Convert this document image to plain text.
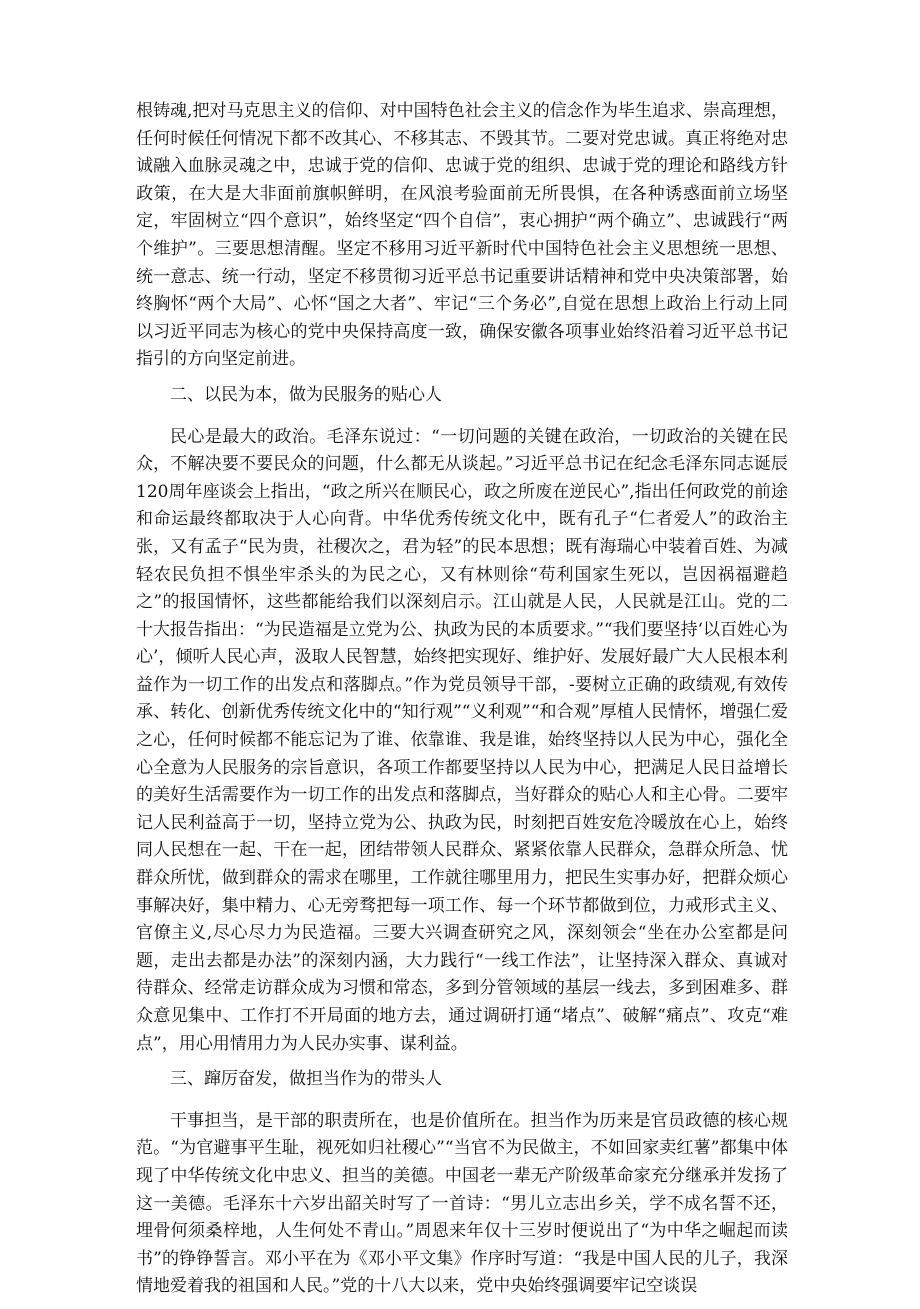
根铸魂,把对马克思主义的信仰、对中国特色社会主义的信念作为毕生追求、崇高理想，任何时候任何情况下都不改其心、不移其志、不毁其节。二要对党忠诚。真正将绝对忠诚融入血脉灵魂之中，忠诚于党的信仰、忠诚于党的组织、忠诚于党的理论和路线方针政策，在大是大非面前旗帜鲜明，在风浪考验面前无所畏惧，在各种诱惑面前立场坚定，牢固树立“四个意识”，始终坚定“四个自信”，衷心拥护“两个确立”、忠诚践行“两个维护”。三要思想清醒。坚定不移用习近平新时代中国特色社会主义思想统一思想、统一意志、统一行动，坚定不移贯彻习近平总书记重要讲话精神和党中央决策部署，始终胸怀“两个大局”、心怀“国之大者”、牢记“三个务必”,自觉在思想上政治上行动上同以习近平同志为核心的党中央保持高度一致，确保安徽各项事业始终沿着习近平总书记指引的方向坚定前进。

二、以民为本，做为民服务的贴心人

民心是最大的政治。毛泽东说过：“一切问题的关键在政治，一切政治的关键在民众，不解决要不要民众的问题，什么都无从谈起。”习近平总书记在纪念毛泽东同志诞辰120周年座谈会上指出，“政之所兴在顺民心，政之所废在逆民心”,指出任何政党的前途和命运最终都取决于人心向背。中华优秀传统文化中，既有孔子“仁者爱人”的政治主张，又有孟子“民为贵，社稷次之，君为轻”的民本思想；既有海瑞心中装着百姓、为减轻农民负担不惧坐牢杀头的为民之心，又有林则徐“苟利国家生死以，岂因祸福避趋之”的报国情怀，这些都能给我们以深刻启示。江山就是人民，人民就是江山。党的二十大报告指出：“为民造福是立党为公、执政为民的本质要求。”“我们要坚持‘以百姓心为心’，倾听人民心声，汲取人民智慧，始终把实现好、维护好、发展好最广大人民根本利益作为一切工作的出发点和落脚点。”作为党员领导干部，-要树立正确的政绩观,有效传承、转化、创新优秀传统文化中的“知行观”“义利观”“和合观”厚植人民情怀，增强仁爱之心，任何时候都不能忘记为了谁、依靠谁、我是谁，始终坚持以人民为中心，强化全心全意为人民服务的宗旨意识，各项工作都要坚持以人民为中心，把满足人民日益增长的美好生活需要作为一切工作的出发点和落脚点，当好群众的贴心人和主心骨。二要牢记人民利益高于一切，坚持立党为公、执政为民，时刻把百姓安危冷暖放在心上，始终同人民想在一起、干在一起，团结带领人民群众、紧紧依靠人民群众，急群众所急、忧群众所忧，做到群众的需求在哪里，工作就往哪里用力，把民生实事办好，把群众烦心事解决好，集中精力、心无旁骛把每一项工作、每一个环节都做到位，力戒形式主义、官僚主义,尽心尽力为民造福。三要大兴调查研究之风，深刻领会“坐在办公室都是问题，走出去都是办法”的深刻内涵，大力践行“一线工作法”，让坚持深入群众、真诚对待群众、经常走访群众成为习惯和常态，多到分管领域的基层一线去，多到困难多、群众意见集中、工作打不开局面的地方去，通过调研打通“堵点”、破解“痛点”、攻克“难点”，用心用情用力为人民办实事、谋利益。

三、蹿厉奋发，做担当作为的带头人

干事担当，是干部的职责所在，也是价值所在。担当作为历来是官员政德的核心规范。“为官避事平生耻，视死如归社稷心”“当官不为民做主，不如回家卖红薯”都集中体现了中华传统文化中忠义、担当的美德。中国老一辈无产阶级革命家充分继承并发扬了这一美德。毛泽东十六岁出韶关时写了一首诗：“男儿立志出乡关，学不成名誓不还，埋骨何须桑梓地，人生何处不青山。”周恩来年仅十三岁时便说出了“为中华之崛起而读书”的铮铮誓言。邓小平在为《邓小平文集》作序时写道：“我是中国人民的儿子，我深情地爱着我的祖国和人民。”党的十八大以来，党中央始终强调要牢记空谈误
